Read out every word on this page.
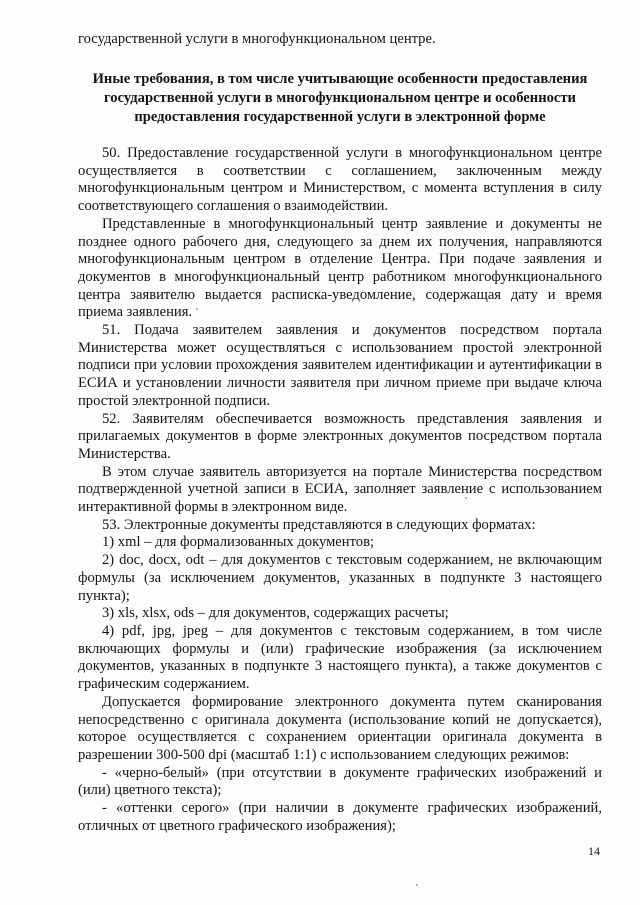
государственной услуги в многофункциональном центре.
Иные требования, в том числе учитывающие особенности предоставления государственной услуги в многофункциональном центре и особенности предоставления государственной услуги в электронной форме

50. Предоставление государственной услуги в многофункциональном центре осуществляется в соответствии с соглашением, заключенным между многофункциональным центром и Министерством, с момента вступления в силу соответствующего соглашения о взаимодействии.

Представленные в многофункциональный центр заявление и документы не позднее одного рабочего дня, следующего за днем их получения, направляются многофункциональным центром в отделение Центра. При подаче заявления и документов в многофункциональный центр работником многофункционального центра заявителю выдается расписка-уведомление, содержащая дату и время приема заявления.

51. Подача заявителем заявления и документов посредством портала Министерства может осуществляться с использованием простой электронной подписи при условии прохождения заявителем идентификации и аутентификации в ЕСИА и установлении личности заявителя при личном приеме при выдаче ключа простой электронной подписи.

52. Заявителям обеспечивается возможность представления заявления и прилагаемых документов в форме электронных документов посредством портала Министерства.

В этом случае заявитель авторизуется на портале Министерства посредством подтвержденной учетной записи в ЕСИА, заполняет заявление с использованием интерактивной формы в электронном виде.

53. Электронные документы представляются в следующих форматах:

1) xml – для формализованных документов;

2) doc, docx, odt – для документов с текстовым содержанием, не включающим формулы (за исключением документов, указанных в подпункте 3 настоящего пункта);

3) xls, xlsx, ods – для документов, содержащих расчеты;

4) pdf, jpg, jpeg – для документов с текстовым содержанием, в том числе включающих формулы и (или) графические изображения (за исключением документов, указанных в подпункте 3 настоящего пункта), а также документов с графическим содержанием.

Допускается формирование электронного документа путем сканирования непосредственно с оригинала документа (использование копий не допускается), которое осуществляется с сохранением ориентации оригинала документа в разрешении 300-500 dpi (масштаб 1:1) с использованием следующих режимов:

- «черно-белый» (при отсутствии в документе графических изображений и (или) цветного текста);

- «оттенки серого» (при наличии в документе графических изображений, отличных от цветного графического изображения);

14
